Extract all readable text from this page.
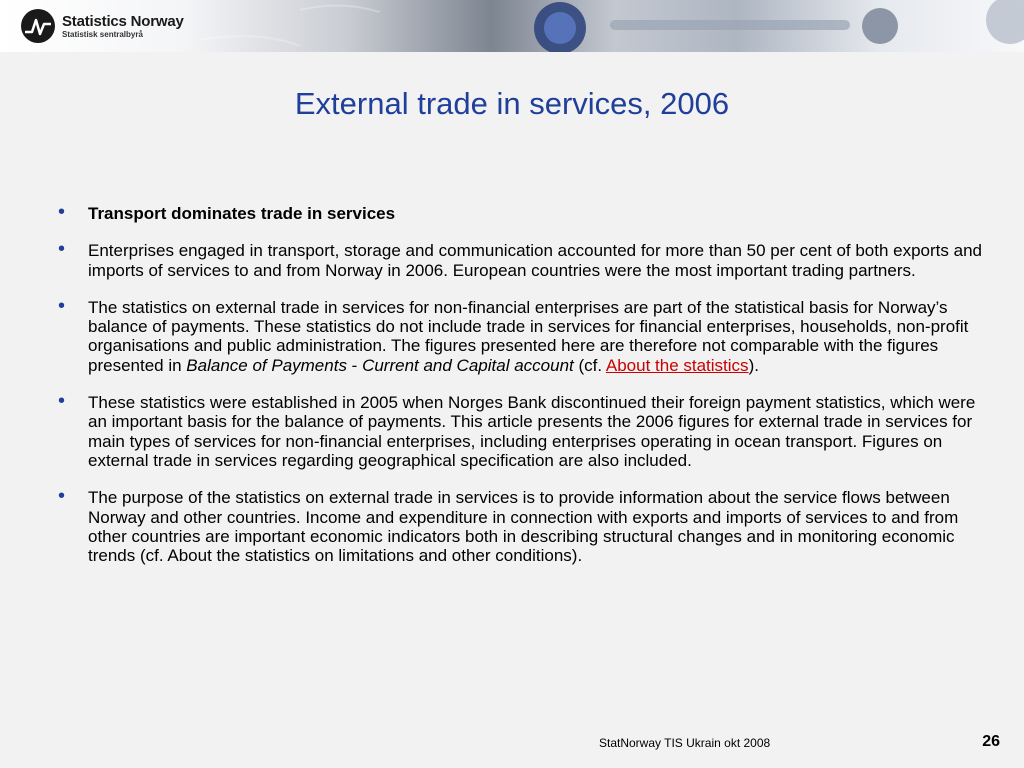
Statistics Norway
Statistisk sentralbyrå
External trade in services, 2006
• Transport dominates trade in services
• Enterprises engaged in transport, storage and communication accounted for more than 50 per cent of both exports and imports of services to and from Norway in 2006. European countries were the most important trading partners.
• The statistics on external trade in services for non-financial enterprises are part of the statistical basis for Norway’s balance of payments. These statistics do not include trade in services for financial enterprises, households, non-profit organisations and public administration. The figures presented here are therefore not comparable with the figures presented in Balance of Payments - Current and Capital account (cf. About the statistics).
• These statistics were established in 2005 when Norges Bank discontinued their foreign payment statistics, which were an important basis for the balance of payments. This article presents the 2006 figures for external trade in services for main types of services for non-financial enterprises, including enterprises operating in ocean transport. Figures on external trade in services regarding geographical specification are also included.
• The purpose of the statistics on external trade in services is to provide information about the service flows between Norway and other countries. Income and expenditure in connection with exports and imports of services to and from other countries are important economic indicators both in describing structural changes and in monitoring economic trends (cf. About the statistics on limitations and other conditions).
StatNorway TIS Ukrain okt 2008	26
